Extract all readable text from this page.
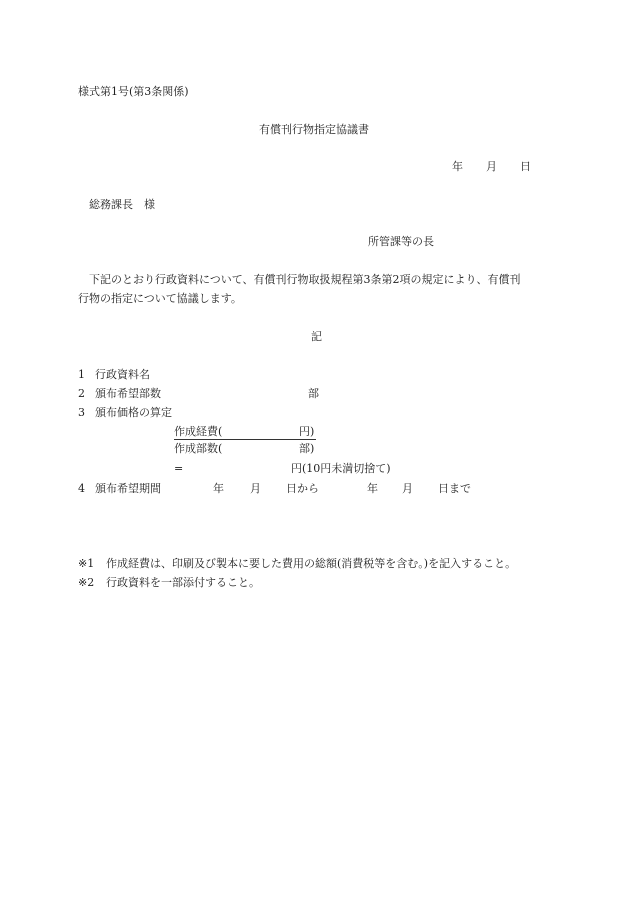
様式第1号(第3条関係)
有償刊行物指定協議書
年 月 日
総務課長　様
所管課等の長
下記のとおり行政資料について、有償刊行物取扱規程第3条第2項の規定により、有償刊
行物の指定について協議します。
記
1 行政資料名
2 頒布希望部数	部
3 頒布価格の算定
作成経費(	円)
作成部数(	部)
=	円(10円未満切捨て)
4 頒布希望期間	年 月 日から	年 月 日まで
※1 作成経費は、印刷及び製本に要した費用の総額(消費税等を含む。)を記入すること。
※2 行政資料を一部添付すること。
